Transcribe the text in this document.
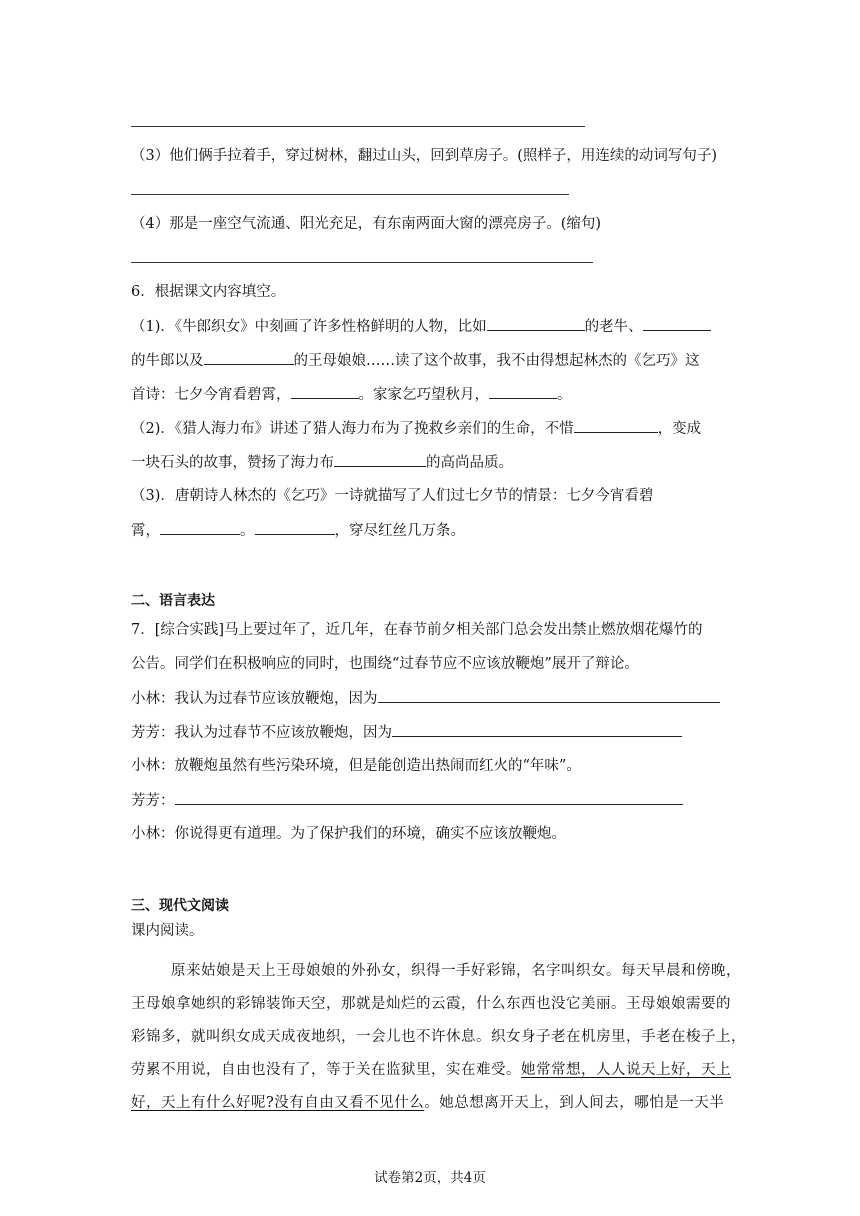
（3）他们俩手拉着手，穿过树林，翻过山头，回到草房子。(照样子，用连续的动词写句子)
（4）那是一座空气流通、阳光充足，有东南两面大窗的漂亮房子。(缩句)
6．根据课文内容填空。
（1)．《牛郎织女》中刻画了许多性格鲜明的人物，比如	的老牛、
的牛郎以及	的王母娘娘……读了这个故事，我不由得想起林杰的《乞巧》这
首诗：七夕今宵看碧霄，	。家家乞巧望秋月，	。
（2)．《猎人海力布》讲述了猎人海力布为了挽救乡亲们的生命，不惜	，变成
一块石头的故事，赞扬了海力布	的高尚品质。
（3)．唐朝诗人林杰的《乞巧》一诗就描写了人们过七夕节的情景：七夕今宵看碧
霄，	。	，穿尽红丝几万条。
二、语言表达
7．[综合实践]马上要过年了，近几年，在春节前夕相关部门总会发出禁止燃放烟花爆竹的
公告。同学们在积极响应的同时，也围绕“过春节应不应该放鞭炮”展开了辩论。
小林：我认为过春节应该放鞭炮，因为
芳芳：我认为过春节不应该放鞭炮，因为
小林：放鞭炮虽然有些污染环境，但是能创造出热闹而红火的“年味”。
芳芳：
小林：你说得更有道理。为了保护我们的环境，确实不应该放鞭炮。
三、现代文阅读
课内阅读。
原来姑娘是天上王母娘娘的外孙女，织得一手好彩锦，名字叫织女。每天早晨和傍晚，
王母娘拿她织的彩锦装饰天空，那就是灿烂的云霞，什么东西也没它美丽。王母娘娘需要的
彩锦多，就叫织女成天成夜地织，一会儿也不许休息。织女身子老在机房里，手老在梭子上，
劳累不用说，自由也没有了，等于关在监狱里，实在难受。她常常想，人人说天上好，天上
好，天上有什么好呢?没有自由又看不见什么。她总想离开天上，到人间去，哪怕是一天半
试卷第2页，共4页
